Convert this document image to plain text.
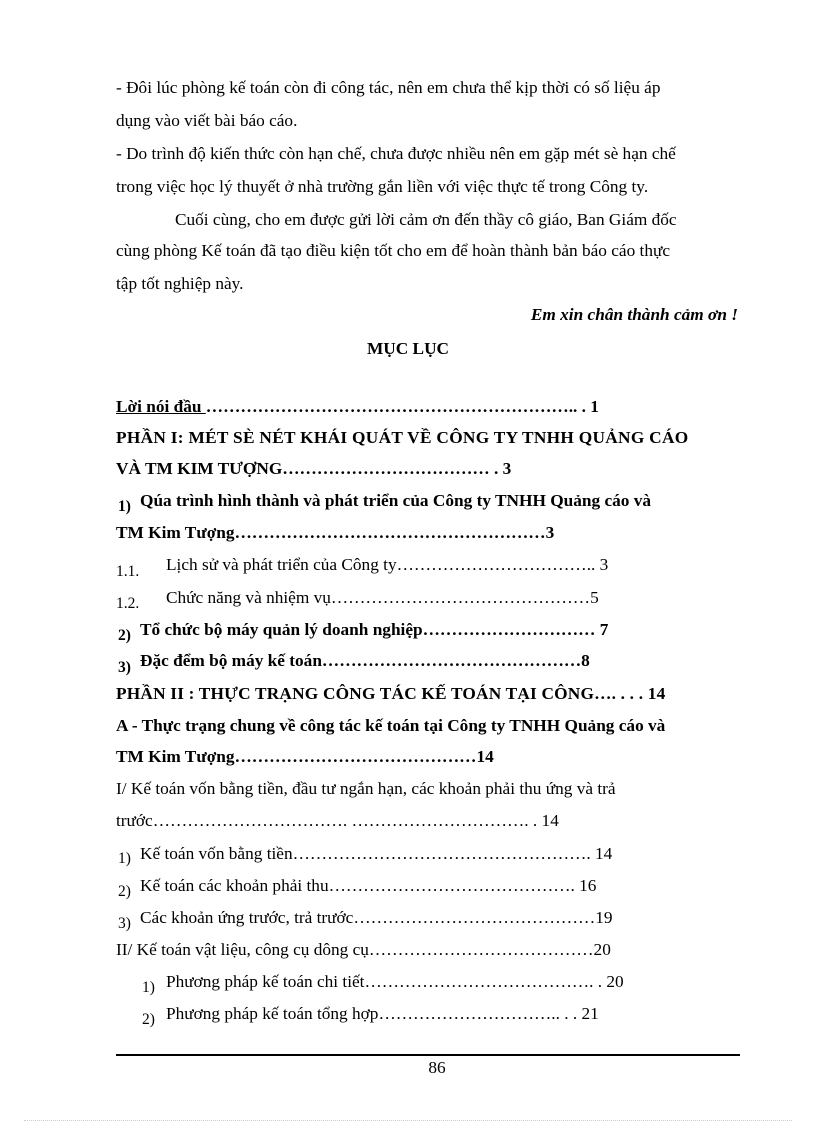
- Đôi lúc phòng kế toán còn đi công tác, nên em chưa thể kịp thời có số liệu áp
dụng vào viết bài báo cáo.
- Do trình độ kiến thức còn hạn chế, chưa được nhiều nên em gặp mét sè hạn chế
trong việc học lý thuyết ở nhà trường gắn liền với việc thực tế trong Công ty.
Cuối cùng, cho em được gửi lời cảm ơn đến thầy cô giáo, Ban Giám đốc
cùng phòng Kế toán đã tạo điều kiện tốt cho em để hoàn thành bản báo cáo thực
tập tốt nghiệp này.
Em xin chân thành cảm ơn !
MỤC LỤC
Lời nói đầu ……………………………………………………….. . 1
PHẦN I: MÉT SÈ NÉT KHÁI QUÁT VỀ CÔNG TY TNHH QUẢNG CÁO
VÀ TM KIM TƯỢNG……………………………… . 3
1) Qúa trình hình thành và phát triển của Công ty TNHH Quảng cáo và
TM Kim Tượng………………………………………………3
1.1. Lịch sử và phát triển của Công ty…………………………….. 3
1.2. Chức năng và nhiệm vụ………………………………………5
2) Tổ chức bộ máy quản lý doanh nghiệp………………………… 7
3) Đặc đểm bộ máy kế toán………………………………………8
PHẦN II : THỰC TRẠNG CÔNG TÁC KẾ TOÁN TẠI CÔNG…. . . . 14
A - Thực trạng chung về công tác kế toán tại Công ty TNHH Quảng cáo và
TM Kim Tượng……………………………………14
I/ Kế toán vốn bằng tiền, đầu tư ngắn hạn, các khoản phải thu ứng và trả
trước……………………………. …………………………. . 14
1) Kế toán vốn bằng tiền……………………………………………. 14
2) Kế toán các khoản phải thu……………………………………. 16
3) Các khoản ứng trước, trả trước……………………………………19
II/ Kế toán vật liệu, công cụ dông cụ…………………………………20
1) Phương pháp kế toán chi tiết…………………………………. . 20
2) Phương pháp kế toán tổng hợp………………………….. . . 21
86
